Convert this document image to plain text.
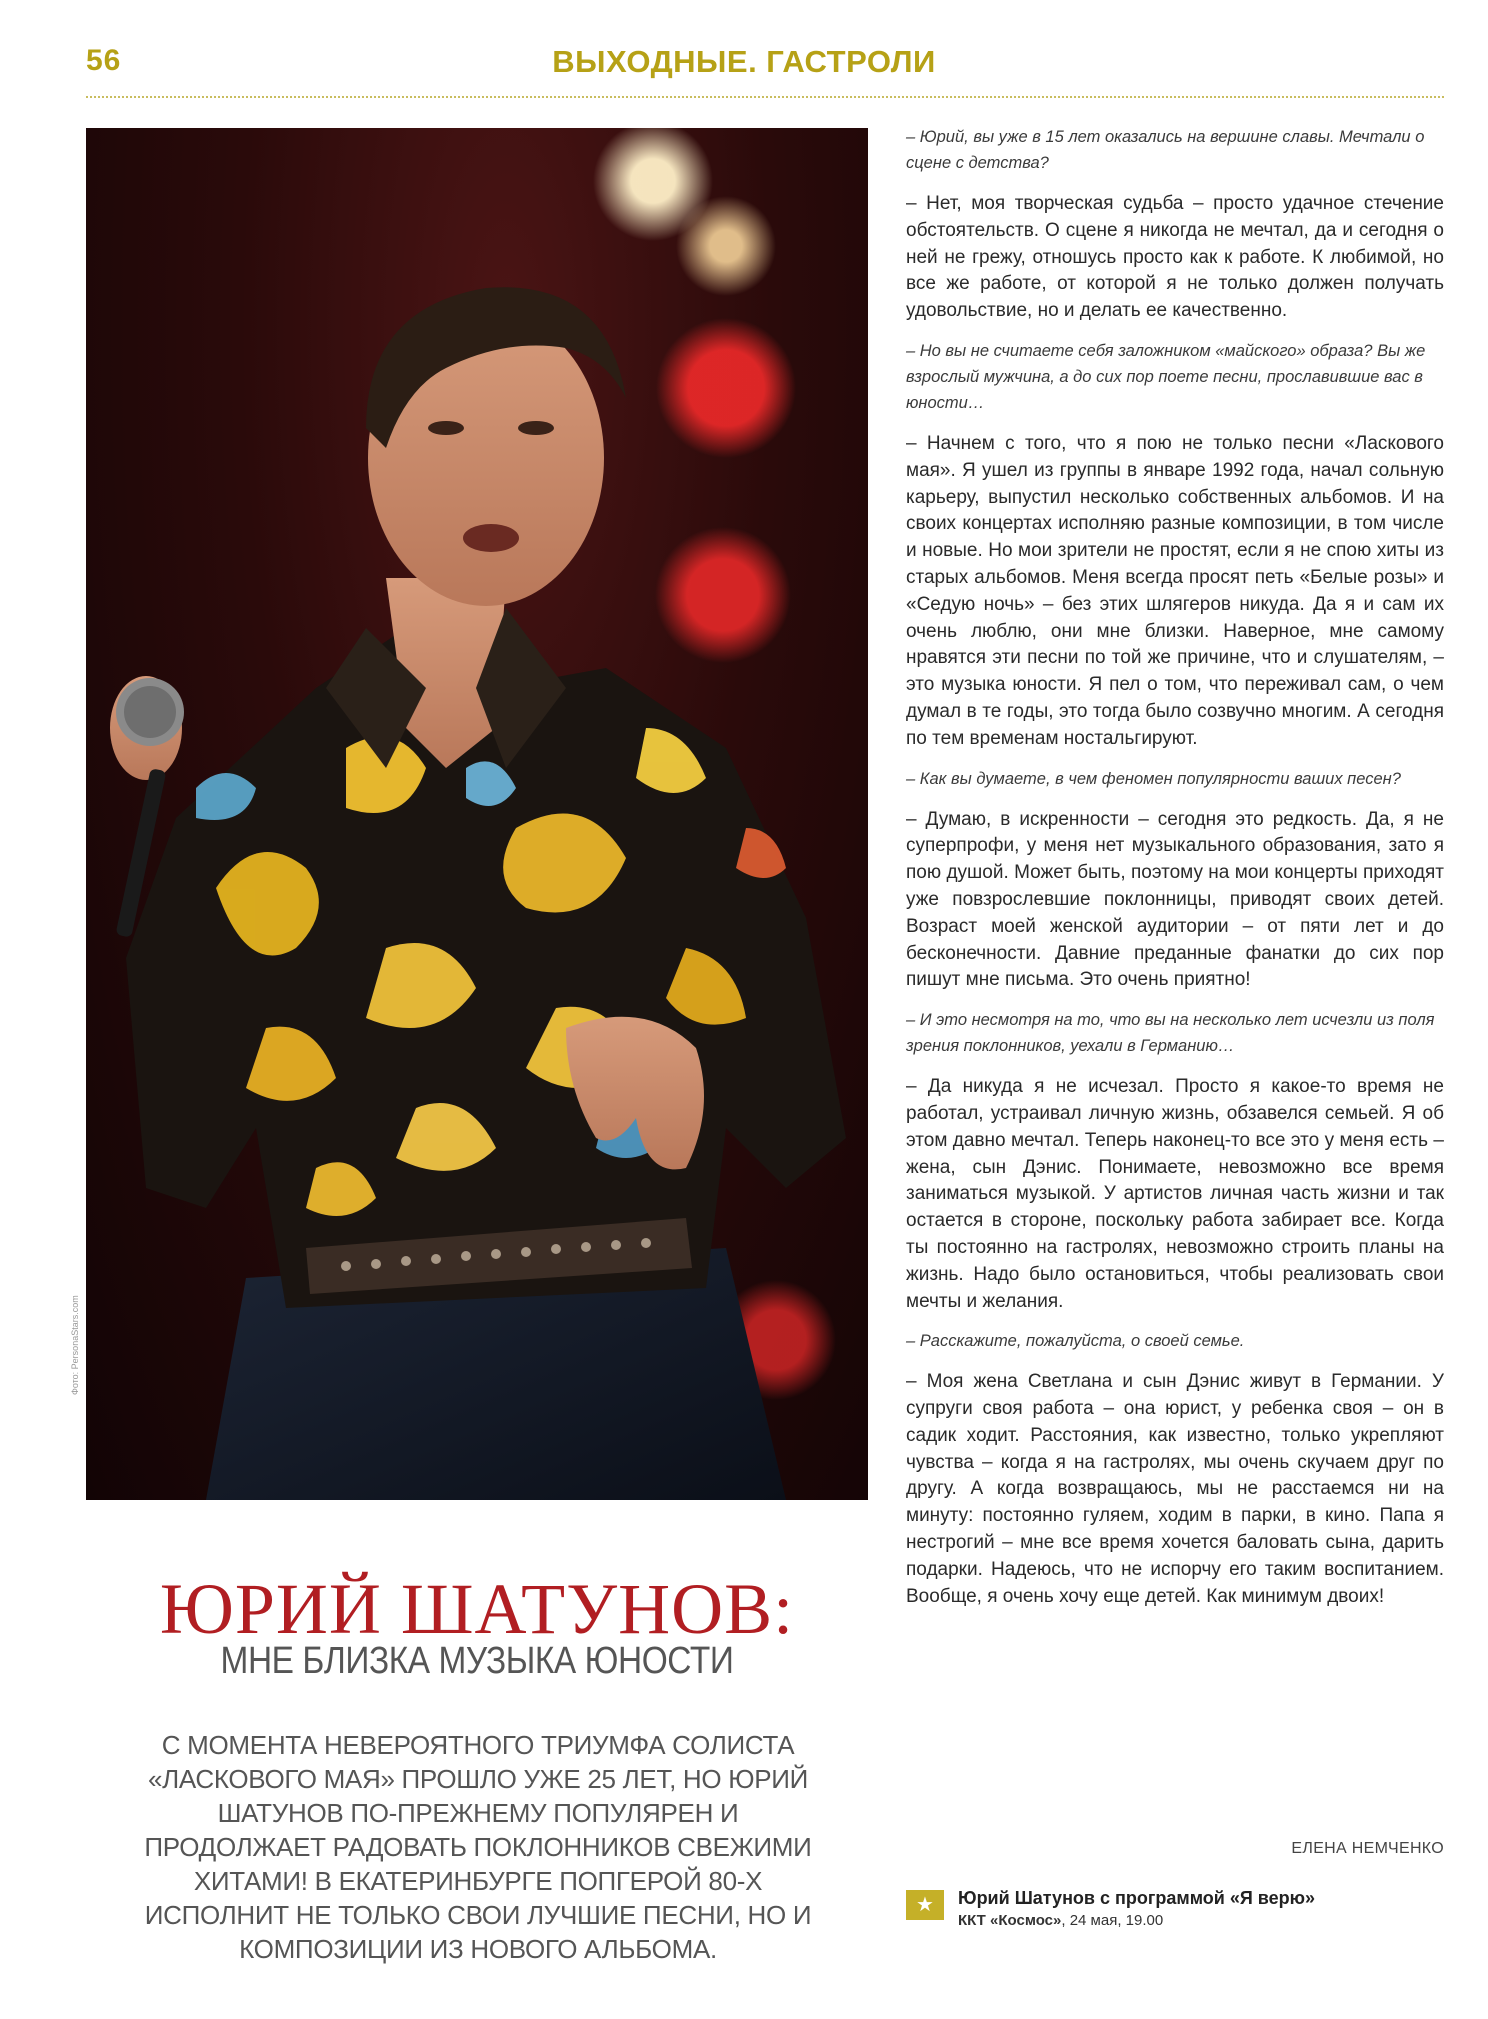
56	ВЫХОДНЫЕ. ГАСТРОЛИ
Фото: PersonaStars.com
ЮРИЙ ШАТУНОВ:
МНЕ БЛИЗКА МУЗЫКА ЮНОСТИ
С МОМЕНТА НЕВЕРОЯТНОГО ТРИУМФА СОЛИСТА «ЛАСКОВОГО МАЯ» ПРОШЛО УЖЕ 25 ЛЕТ, НО ЮРИЙ ШАТУНОВ ПО-ПРЕЖНЕМУ ПОПУЛЯРЕН И ПРОДОЛЖАЕТ РАДОВАТЬ ПОКЛОННИКОВ СВЕЖИМИ ХИТАМИ! В ЕКАТЕРИНБУРГЕ ПОПГЕРОЙ 80-Х ИСПОЛНИТ НЕ ТОЛЬКО СВОИ ЛУЧШИЕ ПЕСНИ, НО И КОМПОЗИЦИИ ИЗ НОВОГО АЛЬБОМА.

– Юрий, вы уже в 15 лет оказались на вершине славы. Мечтали о сцене с детства?

– Нет, моя творческая судьба – просто удачное стечение обстоятельств. О сцене я никогда не мечтал, да и сегодня о ней не грежу, отношусь просто как к работе. К любимой, но все же работе, от которой я не только должен получать удовольствие, но и делать ее качественно.

– Но вы не считаете себя заложником «майского» образа? Вы же взрослый мужчина, а до сих пор поете песни, прославившие вас в юности…

– Начнем с того, что я пою не только песни «Ласкового мая». Я ушел из группы в январе 1992 года, начал сольную карьеру, выпустил несколько собственных альбомов. И на своих концертах исполняю разные композиции, в том числе и новые. Но мои зрители не простят, если я не спою хиты из старых альбомов. Меня всегда просят петь «Белые розы» и «Седую ночь» – без этих шлягеров никуда. Да я и сам их очень люблю, они мне близки. Наверное, мне самому нравятся эти песни по той же причине, что и слушателям, – это музыка юности. Я пел о том, что переживал сам, о чем думал в те годы, это тогда было созвучно многим. А сегодня по тем временам ностальгируют.

– Как вы думаете, в чем феномен популярности ваших песен?

– Думаю, в искренности – сегодня это редкость. Да, я не суперпрофи, у меня нет музыкального образования, зато я пою душой. Может быть, поэтому на мои концерты приходят уже повзрослевшие поклонницы, приводят своих детей. Возраст моей женской аудитории – от пяти лет и до бесконечности. Давние преданные фанатки до сих пор пишут мне письма. Это очень приятно!

– И это несмотря на то, что вы на несколько лет исчезли из поля зрения поклонников, уехали в Германию…

– Да никуда я не исчезал. Просто я какое-то время не работал, устраивал личную жизнь, обзавелся семьей. Я об этом давно мечтал. Теперь наконец-то все это у меня есть – жена, сын Дэнис. Понимаете, невозможно все время заниматься музыкой. У артистов личная часть жизни и так остается в стороне, поскольку работа забирает все. Когда ты постоянно на гастролях, невозможно строить планы на жизнь. Надо было остановиться, чтобы реализовать свои мечты и желания.

– Расскажите, пожалуйста, о своей семье.

– Моя жена Светлана и сын Дэнис живут в Германии. У супруги своя работа – она юрист, у ребенка своя – он в садик ходит. Расстояния, как известно, только укрепляют чувства – когда я на гастролях, мы очень скучаем друг по другу. А когда возвращаюсь, мы не расстаемся ни на минуту: постоянно гуляем, ходим в парки, в кино. Папа я нестрогий – мне все время хочется баловать сына, дарить подарки. Надеюсь, что не испорчу его таким воспитанием. Вообще, я очень хочу еще детей. Как минимум двоих!

ЕЛЕНА НЕМЧЕНКО
★	Юрий Шатунов с программой «Я верю»
ККТ «Космос», 24 мая, 19.00
